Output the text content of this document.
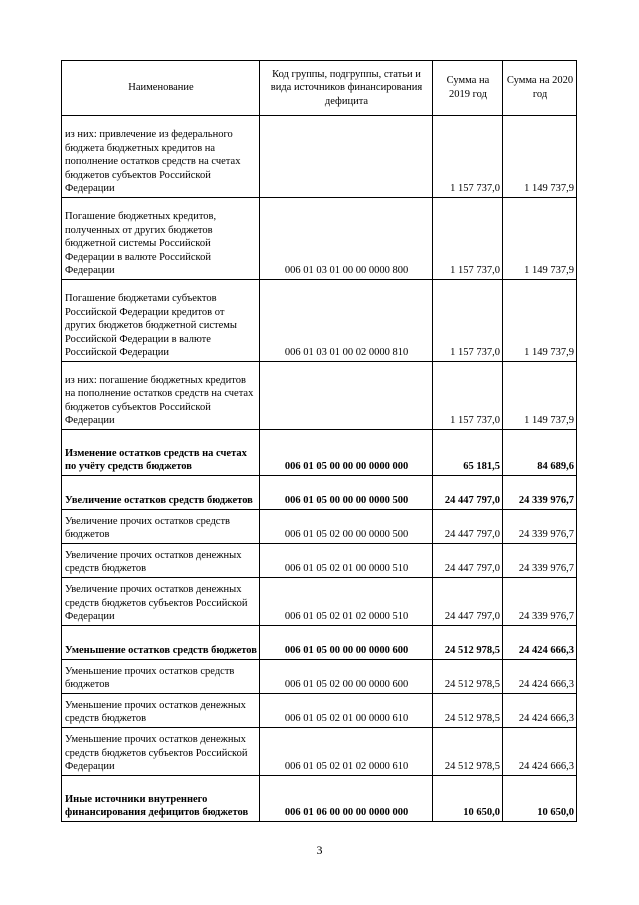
Наименование	Код группы, подгруппы, статьи и вида источников финансирования дефицита	Сумма на 2019 год	Сумма на 2020 год
из них: привлечение из федерального бюджета бюджетных кредитов на пополнение остатков средств на счетах бюджетов субъектов Российской Федерации		1 157 737,0	1 149 737,9
Погашение бюджетных кредитов, полученных от других бюджетов бюджетной системы Российской Федерации в валюте Российской Федерации	006 01 03 01 00 00 0000 800	1 157 737,0	1 149 737,9
Погашение бюджетами субъектов Российской Федерации кредитов от других бюджетов бюджетной системы Российской Федерации в валюте Российской Федерации	006 01 03 01 00 02 0000 810	1 157 737,0	1 149 737,9
из них: погашение бюджетных кредитов на пополнение остатков средств на счетах бюджетов субъектов Российской Федерации		1 157 737,0	1 149 737,9
Изменение остатков средств на счетах по учёту средств бюджетов	006 01 05 00 00 00 0000 000	65 181,5	84 689,6
Увеличение остатков средств бюджетов	006 01 05 00 00 00 0000 500	24 447 797,0	24 339 976,7
Увеличение прочих остатков средств бюджетов	006 01 05 02 00 00 0000 500	24 447 797,0	24 339 976,7
Увеличение прочих остатков денежных средств бюджетов	006 01 05 02 01 00 0000 510	24 447 797,0	24 339 976,7
Увеличение прочих остатков денежных средств бюджетов субъектов Российской Федерации	006 01 05 02 01 02 0000 510	24 447 797,0	24 339 976,7
Уменьшение остатков средств бюджетов	006 01 05 00 00 00 0000 600	24 512 978,5	24 424 666,3
Уменьшение прочих остатков средств бюджетов	006 01 05 02 00 00 0000 600	24 512 978,5	24 424 666,3
Уменьшение прочих остатков денежных средств бюджетов	006 01 05 02 01 00 0000 610	24 512 978,5	24 424 666,3
Уменьшение прочих остатков денежных средств бюджетов субъектов Российской Федерации	006 01 05 02 01 02 0000 610	24 512 978,5	24 424 666,3
Иные источники внутреннего финансирования дефицитов бюджетов	006 01 06 00 00 00 0000 000	10 650,0	10 650,0
3
